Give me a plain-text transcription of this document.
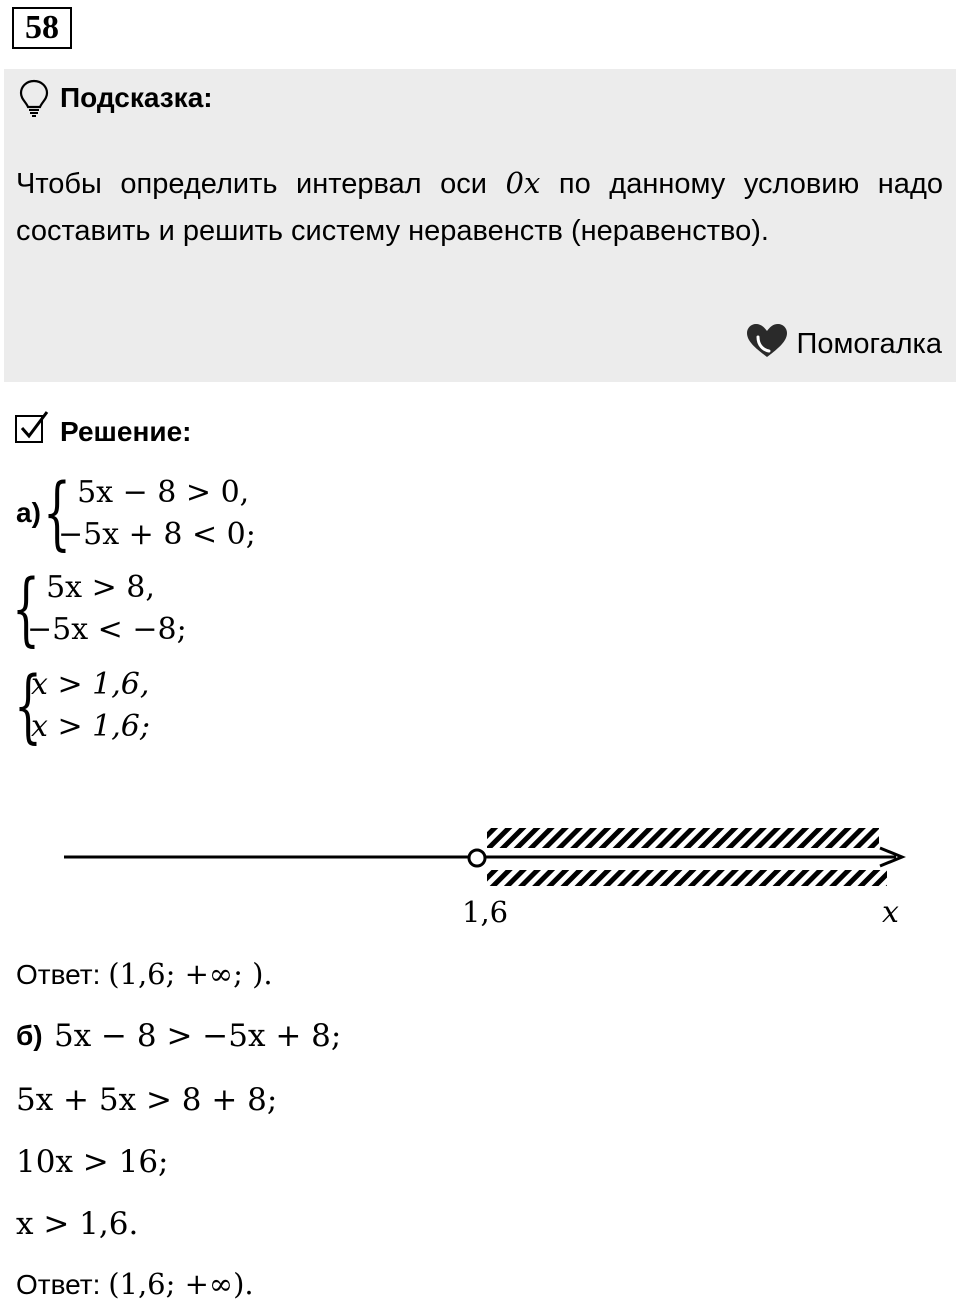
58
Подсказка:
Чтобы определить интервал оси 0x по данному условию надо составить и решить систему неравенств (неравенство).
Помогалка
Решение:
а) {
5x − 8 > 0,
−5x + 8 < 0;
{
5x > 8,
−5x < −8;
{
x > 1,6,
x > 1,6;
1,6	x
Ответ: (1,6; +∞; ).
б) 5x − 8 > −5x + 8;
5x + 5x > 8 + 8;
10x > 16;
x > 1,6.
Ответ: (1,6; +∞).
